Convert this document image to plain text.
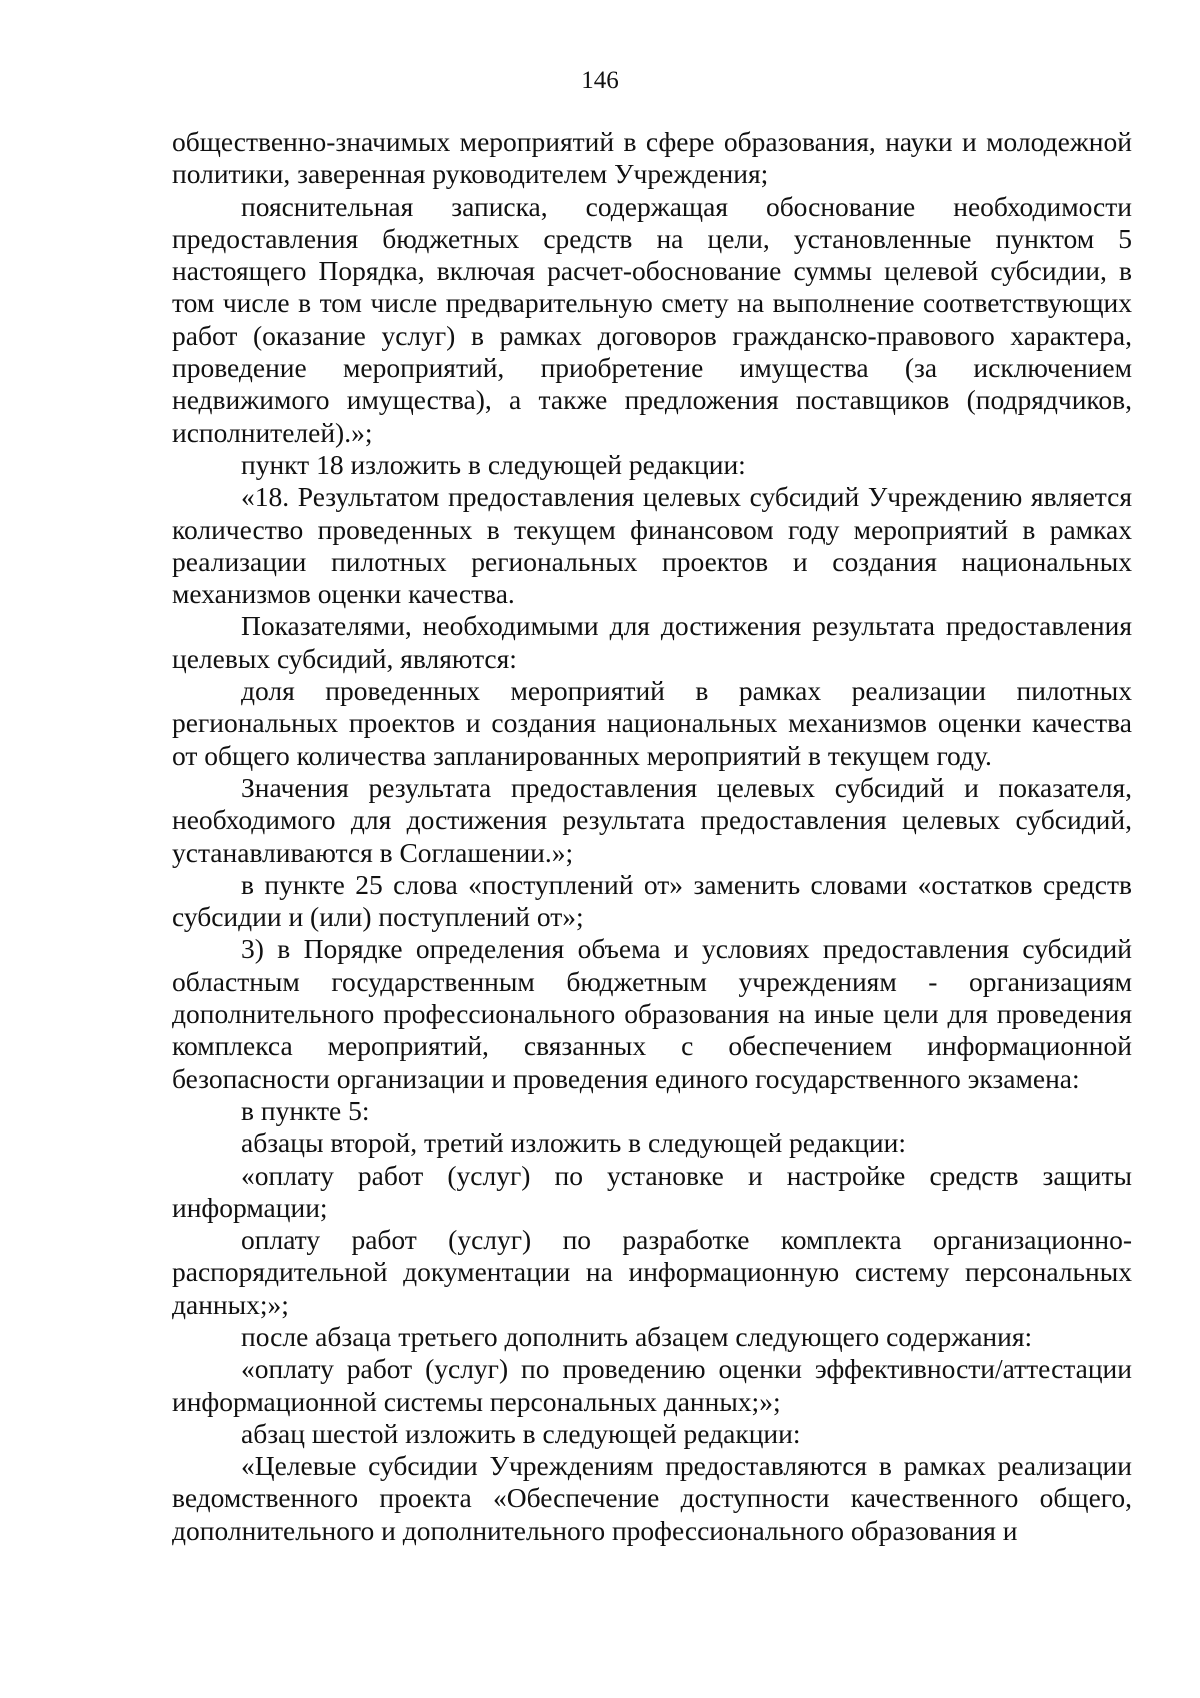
146

общественно-значимых мероприятий в сфере образования, науки и молодежной политики, заверенная руководителем Учреждения;

пояснительная записка, содержащая обоснование необходимости предоставления бюджетных средств на цели, установленные пунктом 5 настоящего Порядка, включая расчет-обоснование суммы целевой субсидии, в том числе в том числе предварительную смету на выполнение соответствующих работ (оказание услуг) в рамках договоров гражданско-правового характера, проведение мероприятий, приобретение имущества (за исключением недвижимого имущества), а также предложения поставщиков (подрядчиков, исполнителей).»;

пункт 18 изложить в следующей редакции:

«18. Результатом предоставления целевых субсидий Учреждению является количество проведенных в текущем финансовом году мероприятий в рамках реализации пилотных региональных проектов и создания национальных механизмов оценки качества.

Показателями, необходимыми для достижения результата предоставления целевых субсидий, являются:

доля проведенных мероприятий в рамках реализации пилотных региональных проектов и создания национальных механизмов оценки качества от общего количества запланированных мероприятий в текущем году.

Значения результата предоставления целевых субсидий и показателя, необходимого для достижения результата предоставления целевых субсидий, устанавливаются в Соглашении.»;

в пункте 25 слова «поступлений от» заменить словами «остатков средств субсидии и (или) поступлений от»;

3) в Порядке определения объема и условиях предоставления субсидий областным государственным бюджетным учреждениям - организациям дополнительного профессионального образования на иные цели для проведения комплекса мероприятий, связанных с обеспечением информационной безопасности организации и проведения единого государственного экзамена:

в пункте 5:

абзацы второй, третий изложить в следующей редакции:

«оплату работ (услуг) по установке и настройке средств защиты информации;

оплату работ (услуг) по разработке комплекта организационно-распорядительной документации на информационную систему персональных данных;»;

после абзаца третьего дополнить абзацем следующего содержания:

«оплату работ (услуг) по проведению оценки эффективности/аттестации информационной системы персональных данных;»;

абзац шестой изложить в следующей редакции:

«Целевые субсидии Учреждениям предоставляются в рамках реализации ведомственного проекта «Обеспечение доступности качественного общего, дополнительного и дополнительного профессионального образования и
